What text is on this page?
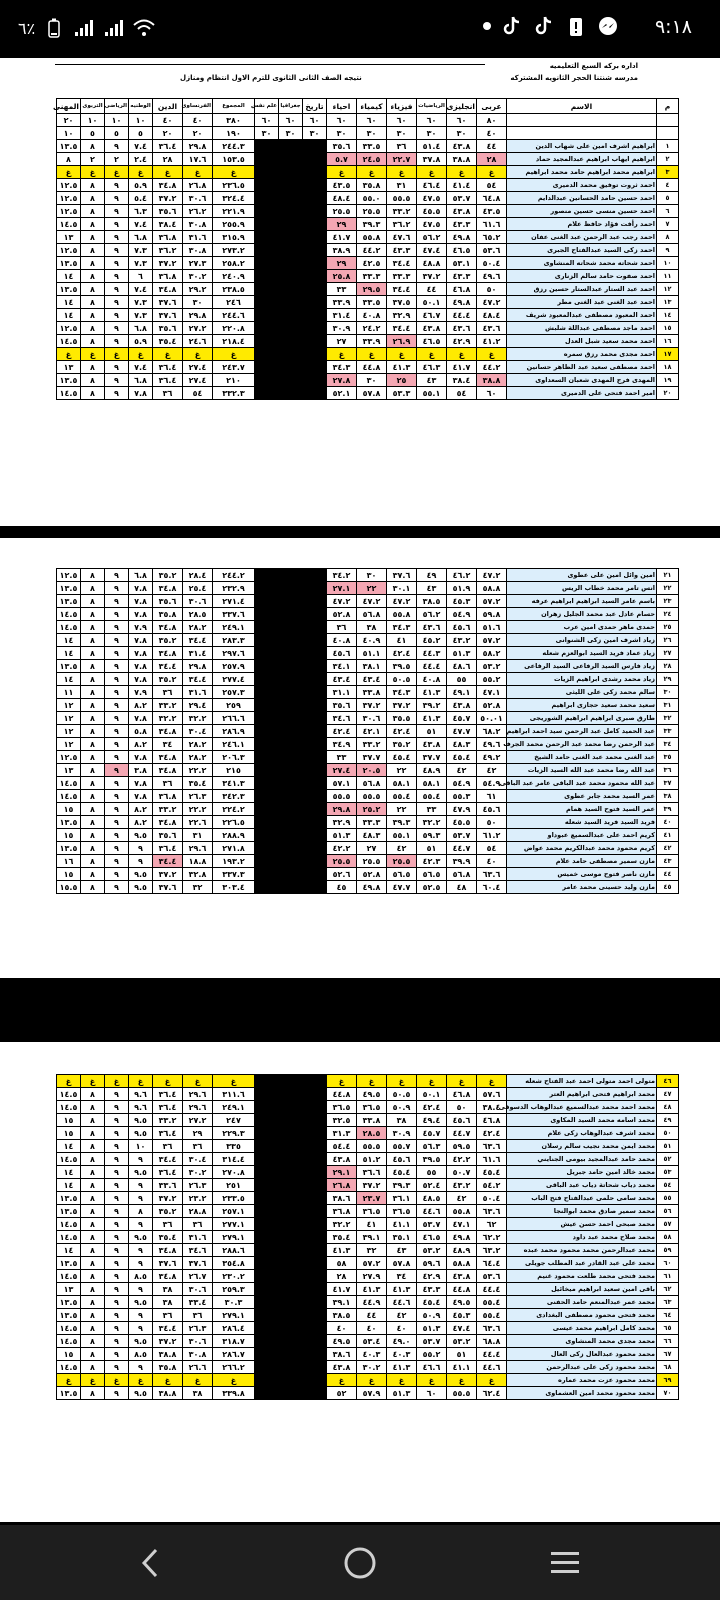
٦٪	٩:١٨
اداره بركه السبع التعليميه
مدرسه شنتنا الحجر الثانويه المشتركه
نتيجه الصف الثانى الثانوى للترم الاول انتظام ومنازل
م	الاسم	عربى	انجليزى	الرياضيات	فيزياء	كيمياء	احياء	تاريخ	جغرافيا	علم نفس	المجموع	الفرنساوى	الدين	الوطنيه	الرياضى	التربوى	المهنى
		٨٠	٦٠	٦٠	٦٠	٦٠	٦٠	٦٠	٦٠	٦٠	٣٨٠	٤٠	٤٠	١٠	١٠	١٠	٢٠
		٤٠	٣٠	٣٠	٣٠	٣٠	٣٠	٣٠	٣٠	٣٠	١٩٠	٢٠	٢٠	٥	٥	٥	١٠
١	ابراهيم اشرف امين على شهاب الدين	٤٤	٤٣.٨	٥١.٤	٣٦	٣٣.٥	٣٥.٦				٢٤٤.٣	٢٩.٨	٣٦.٤	٧.٤	٩	٨	١٣.٥
٢	ابراهيم ايهاب ابراهيم عبدالمجيد حماد	٢٨	٣٨.٨	٣٧.٨	٢٢.٧	٢٤.٥	٥.٧				١٥٣.٥	١٧.٦	٢٨	٢.٤	٢	٢	٨
٣	ابراهيم محمد ابراهيم حامد محمد ابراهيم	غ	غ	غ	غ	غ	غ				غ	غ	غ	غ	غ	غ	غ
٤	احمد ثروت توفيق محمد الدميرى	٥٤	٤١.٤	٤٦.٤	٣١	٣٥.٨	٤٣.٥				٢٣٦.٥	٢٦.٨	٣٤.٨	٥.٩	٩	٨	١٢.٥
٥	احمد حسين حامد الحسانين عبدالدايم	٦٤.٨	٥٣.٧	٤٧.٥	٥٥.٥	٥٥.٠	٤٨.٤				٣٢٤.٤	٣٠.٦	٣٧.٢	٥.٤	٩	٨	١٢.٥
٦	احمد حسين منسى حسين منصور	٤٣.٥	٤٣.٨	٤٥.٥	٣٣.٢	٢٥.٥	٢٥.٥				٢٢١.٩	٢٦.٢	٣٥.٦	٦.٣	٩	٨	١٢.٥
٧	احمد رأفت فؤاد حافظ علام	٦١.٦	٤٣.٣	٤٧.٥	٣٦.٢	٣٩.٣	٢٩				٢٥٥.٩	٣٠.٨	٣٨.٤	٧.٤	٩	٨	١٤.٥
٨	احمد رجب عبد الرحمن عبد الغنى عفان	٦٥.٢	٤٩.٨	٥٦.٢	٤٧.٦	٥٥.٨	٤١.٧				٣١٥.٩	٣١.٦	٣٦.٨	٦.٨	٩	٨	١٣
٩	احمد زكى السيد عبدالفتاح الجبرى	٥٣.٦	٤٦.٥	٤٧.٤	٤٣.٣	٤٤.٢	٣٨.٩				٢٧٣.٢	٣٠.٨	٣٦.٢	٧.٣	٩	٨	١٢.٥
١٠	احمد شحاته محمد شحاته المنشاوى	٥٠.٤	٥٣.١	٤٨.٨	٣٤.٤	٤٢.٥	٢٩				٢٥٨.٢	٢٧.٣	٣٧.٢	٧.٣	٩	٨	١٣.٥
١١	احمد صفوت حامد سالم الزنارى	٤٩.٦	٤٣.٣	٣٧.٢	٣٣.٣	٣٣.٣	٢٥.٨				٢٤٠.٩	٣٠.٢	٣٦.٨	٦	٩	٨	١٤
١٢	احمد عبد الستار عبدالستار حسين رزق	٥٠	٤٦.٨	٤٤	٣٤.٤	٢٩.٥	٣٣				٢٣٨.٥	٢٩.٢	٣٤.٨	٧.٤	٩	٨	١٣.٥
١٣	احمد عبد الغنى عبد الغنى مطر	٤٧.٢	٤٩.٨	٥٠.١	٣٧.٥	٣٣.٥	٣٣.٩				٢٤٦	٣٠	٣٧.٦	٧.٣	٩	٨	١٤
١٤	احمد المعبود مصطفى عبدالمعبود شريف	٤٨.٤	٤٤.٤	٤٦.٧	٣٢.٩	٤٠.٨	٣١.٤				٢٤٤.٦	٢٩.٨	٣٧.٦	٧.٣	٩	٨	١٤
١٥	احمد ماجد مصطفى عبداللة شلبش	٤٣.٦	٤٣.٦	٤٣.٨	٣٤.٤	٢٤.٢	٣٠.٩				٢٢٠.٨	٢٧.٢	٣٥.٦	٦.٨	٩	٨	١٢.٥
١٦	احمد محمد سعيد شبل العدل	٤١.٢	٤٢.٩	٤٦.٥	٢٦.٩	٣٣.٩	٢٧				٢١٨.٤	٢٤.٦	٣٥.٤	٥.٩	٩	٨	١٤.٥
١٧	احمد مجدى محمد رزق سمره	غ	غ	غ	غ	غ	غ				غ	غ	غ	غ	غ	غ	غ
١٨	احمد مصطفى سعيد عبد الظاهر حسانين	٤٤.٢	٤١.٧	٤٦.٣	٤١.٣	٤٤.٨	٣٤.٣				٢٤٣.٧	٢٧.٤	٣٦.٤	٧.٤	٩	٨	١٣
١٩	المهدى فرج المهدى شعبان السعداوى	٣٨.٨	٣٨.٤	٤٣	٢٥	٣٠	٢٧.٨				٢١٠	٢٧.٤	٣٦.٤	٦.٨	٩	٨	١٣.٥
٢٠	امير احمد فتحى على الدميرى	٦٠	٥٤	٥٥.١	٥٣.٣	٥٧.٨	٥٢.١				٣٣٢.٣	٥٤	٣٦	٧.٨	٩	٨	١٤.٥
٢١	امين وائل امين على عطوى	٤٧.٢	٤٦.٢	٤٩	٣٧.٦	٣٠	٣٤.٢				٢٤٤.٢	٢٨.٤	٣٥.٢	٦.٨	٩	٨	١٢.٥
٢٢	انس تامر محمد خطاب الريس	٥٨.٨	٥١.٩	٤٣	٣٠.١	٢٢	٢٧.١				٢٣٢.٩	٢٥.٤	٣٤.٨	٧.٨	٩	٨	١٣.٥
٢٣	باسم عامر السيد ابراهيم ابراهيم عرفه	٥٧.٢	٤٥.٣	٣٨.٥	٤٧.٢	٤٧.٢	٤٧.٢				٢٧١.٤	٣٠.٦	٣٥.٦	٧.٨	٩	٨	١٣.٥
٢٤	حسام عادل عبد محمد الجليل زهران	٥٩.٨	٥٤.٩	٥٦.٢	٥٥.٨	٥٦.٨	٥٢.٨				٣٣٧.٦	٢٨.٥	٣٥.٨	٧.٨	٩	٨	١٤.٥
٢٥	حمدى ماهر حمدى امين عرب	٥١.٦	٤٥.٦	٤٣.٦	٣٤.٣	٣٨	٣٦				٢٤٩.١	٢٨.٢	٣٤.٨	٧.٩	٩	٨	١٤.٥
٢٦	زياد اشرف امين زكى الشنوانى	٥٧.٢	٤٣.٢	٤٥.٢	٤١	٤٠.٩	٤٠.٨				٢٨٣.٣	٣٤.٤	٣٥.٢	٧.٨	٩	٨	١٤
٢٧	زياد عماد فريد السيد ابوالعزم شعله	٥٨.٢	٥١.٣	٤٤.٣	٤٢.٤	٥١.١	٤٥.٦				٢٩٧.٦	٣١.٤	٣٤.٨	٧.٨	٩	٨	١٤
٢٨	زياد فارس السيد الرفاعى السيد الرفاعى	٥٣.٢	٤٨.٦	٤٤.٤	٣٩.٥	٣٨.١	٣٤.١				٢٥٧.٩	٢٩.٨	٣٤.٤	٧.٨	٩	٨	١٣.٥
٢٩	زياد محمد رشدى ابراهيم الزيات	٥٥.٢	٥٥	٤٠.٨	٥٠.٥	٤٣.٤	٤٣.٤				٢٧٧.٤	٣٤.٤	٣٥.٢	٧.٨	٩	٨	١٤
٣٠	سالم محمد زكى على الليثى	٤٧.١	٤٩.١	٤١.٣	٣٤.٣	٣٣.٨	٣١.١				٢٥٧.٣	٣١.٦	٣٦	٧.٩	٩	٨	١١
٣١	سعيد محمد سعيد حجازى ابراهيم	٥٢.٨	٤٣.٨	٣٩.٢	٣٧.٢	٣٧.٢	٣٥.٦				٢٥٩	٢٩.٤	٣٣.٢	٨.٢	٩	٨	١٢
٣٢	طارق صبرى ابراهيم ابراهيم الشوريجى	٥٠.٠١	٤٥.٧	٤١.٣	٣٥.٥	٣٠.٦	٣٤.٦				٢٦٦.٦	٣٢.٢	٣٢.٢	٧.٨	٩	٨	١٢
٣٣	عبد الحميد كامل عبد الرحمن سيد احمد ابراهيم	٦٨.٢	٤٧.٧	٥١	٤٢.٤	٤٢.١	٤٢.٤				٢٨٦.٩	٣٠.٤	٣٤.٨	٥.٨	٩	٨	١٢
٣٤	عبد الرحمن رضا محمد عبد الرحمن محمد الجرف	٤٩.٦	٤٨.٣	٤٣.٨	٣٥.٢	٣٣.٢	٣٤.٩				٢٤٦.١	٢٨.٢	٣٤	٨.٢	٩	٨	١٢
٣٥	عبد الغنى محمد عبد الغنى حامد الشيخ	٤٩.٢	٤٥.٤	٣٧.٧	٤٥.٤	٣٧.٧	٣٣				٢٠٦.٣	٢٨.٢	٣٤.٨	٧.٨	٩	٨	١٢.٥
٣٦	عبد الله رضا محمد عبد الله السيد الزيات	٤٢	٤٢	٤٨.٩	٢٢	٢٠.٥	٢٧.٤				٢١٥	٢٢.٢	٣٤.٨	٣.٨	٩	٨	١٣
٣٧	عبد الله محمود محمد عبد الباقى عامر عبد الباقى	٥٤.٩	٥٤.٩	٥٨.١	٥٨.١	٥٦.٨	٥٧.١				٣٤١.٣	٣٥.٤	٣٦	٧.٨	٩	٨	١٤.٥
٣٨	عمر السيد محمد جابر عطوى	٦١	٥٥.٣	٥٥.٤	٥٥.٤	٥٥.٥	٥٥.٥				٣٤٢.٣	٢٦.٣	٣٦.٨	٧.٨	٩	٨	١٤.٥
٣٩	عمر السيد فتوح السيد همام	٤٥.٦	٤٧.٩	٣٣	٢٢	٢٥.٢	٢٩.٨				٢٢٤.٢	٢٢.٢	٣٣.٢	٨.٢	٩	٨	١٥
٤٠	فريد السيد فريد السيد شعله	٥٠	٤٥.٥	٣٢.٢	٣٩.٣	٣٣.٣	٣٢.٩				٢٢٦.٥	٢٢.٦	٣٤.٨	٨.٢	٩	٨	١٣.٥
٤١	كريم احمد على عبدالسميع عبوداو	٦١.٢	٥٣.٧	٥٩.٣	٥٥.١	٤٨.٣	٥١.٣				٢٨٨.٩	٣١	٣٥.٦	٩.٥	٩	٨	١٥
٤٢	كريم محمود محمد عبدالكريم محمد عواض	٥٤	٤٤.٧	٥١	٤٢	٢٧	٤٢.٢				٢٧١.٨	٢٩.٦	٣٦.٤	٩	٩	٨	١٣.٥
٤٣	مازن سمير مصطفى حامد علام	٤٠	٣٩.٩	٤٢.٣	٢٥.٥	٢٥.٥	٢٥.٥				١٩٣.٢	١٨.٨	٣٤.٤	٩	٩	٨	١٦
٤٤	مازن ناصر فتوح موسى خميس	٦٣.٦	٥٦.٨	٥٦.٥	٥٦.٥	٥٢.٨	٥٢.٦				٣٣٧.٣	٣٢.٨	٣٧.٢	٩.٥	٩	٨	١٥
٤٥	مازن وليد حسينى محمد عامر	٦٠.٤	٤٨	٥٢.٥	٤٧.٧	٤٩.٨	٤٥				٣٠٣.٤	٣٢	٣٧.٦	٩.٥	٩	٨	١٥.٥
٤٦	متولى احمد متولى احمد عبد الفتاح شعله	غ	غ	غ	غ	غ	غ				غ	غ	غ	غ	غ	غ	غ
٤٧	محمد ابراهيم فتحى ابراهيم العتر	٥٧.٦	٤٦.٨	٥٠.١	٥٠.٥	٤٩.٥	٤٤.٨				٣١١.٦	٢٩.٦	٣٦.٤	٩.٦	٩	٨	١٤.٥
٤٨	محمد احمد محمد عبدالسميع عبدالوهاب الدسوقى	٣٨.٤	٥٠	٤٢.٤	٥٠.٩	٣٦.٥	٣٦.٥				٢٤٩.١	٢٩.٦	٣٦.٤	٩.٦	٩	٨	١٤.٥
٤٩	محمد اسامه محمد السيد المكاوى	٤٦.٨	٤٥.٦	٤٩.٤	٣٨	٣٣.٨	٣٢.٥				٢٤٧	٢٧.٢	٣٣.٢	٩.٥	٩	٨	١٥
٥٠	محمد اشرف عبدالوهاب زكى علام	٤٢.٤	٤٤.٧	٤٥.٧	٣٠.٩	٢٨.٥	٣١.٣				٢٢٩.٣	٢٩	٣٦.٤	٩.٥	٩	٨	١٥
٥١	محمد ايمن محمد نجيب سالم رسلان	٦٣.٦	٥٩.٥	٥٦.٣	٥٥.٧	٥٥.٥	٥٤.٤				٣٣٥	٣٦	٣٦	١٠	٩	٨	١٤
٥٢	محمد حامد عبدالمجيد بيومى الجنايني	٦١.٦	٤٢.٢	٣٩.٥	٤٥.٦	٥١.٢	٤٣.٨				٣١٤.٤	٣٠.٤	٣٤.٤	٩	٩	٨	١٤.٥
٥٣	محمد خالد امين حامد جبريل	٤٥.٤	٥٠.٧	٥٥	٤٥.٤	٣٦.٦	٢٩.١				٢٧٠.٨	٣٠.٢	٣٦.٤	٩.٥	٩	٨	١٤
٥٤	محمد دياب شحاتة دياب عبد الباقى	٥٤.٢	٤٣.٢	٥٢.٤	٣٩.٣	٣٧.٢	٢٦.٨				٢٥١	٢٦.٣	٣٣.٦	٩	٩	٨	١٤
٥٥	محمد سامى حلمى عبدالفتاح فتح الباب	٥٠.٤	٤٢	٤٨.٥	٣٦.١	٢٣.٧	٣٨.٦				٢٣٣.٥	٢٣.٢	٣٧.٢	٩	٩	٨	١٣.٥
٥٦	محمد سمير صادق محمد ابوالنجا	٦٣.٦	٥٥.٨	٤٤.٦	٣٦.٥	٣٦.٥	٣٦.٨				٢٥٧.١	٢٨.٨	٣٥.٢	٨	٩	٨	١٣.٥
٥٧	محمد صبحى احمد حسن عيش	٦٢	٤٧.١	٥٣.٧	٤١.١	٤١	٣٢.٢				٢٧٧.١	٣٦	٣٦	٩	٩	٨	١٤.٥
٥٨	محمد صلاح محمد عبد داود	٦٢.٢	٤٩.٨	٤٦.٥	٣٥.١	٣٩.١	٣٥.٤				٢٧٩.١	٣١.٦	٣٥.٤	٩.٥	٩	٨	١٤.٥
٥٩	محمد عبدالرحمن محمد محمود محمد عبده	٦٣.٢	٤٨.٩	٥٣.٢	٤٣	٣٢	٤١.٣				٢٨٨.٦	٣٤.٦	٣٤.٨	٩	٩	٨	١٤
٦٠	محمد على عبد القادر عبد المطلب جويلى	٦٤.٤	٥٨.٨	٥٩.٦	٥٧.٨	٥٧.٢	٥٨				٣٥٤.٨	٣٧.٦	٣٧.٦	٩	٩	٨	١٣.٥
٦١	محمد فتحى محمد طلعت محمود غنيم	٥٣.٦	٤٣.٨	٤٢.٩	٣٤	٢٧.٩	٢٨				٢٣٠.٢	٢٦.٧	٣٤.٨	٨.٥	٩	٨	١٤.٥
٦٢	باقى امين سعيد ابراهيم ميخائيل	٤٤.٤	٤٤.٨	٤٣.٣	٤١.٣	٤١.٣	٤١.٧				٢٥٩.٣	٣٠.٦	٣٨	٩	٩	٨	١٣
٦٣	محمد عمر عبدالمنعم حامد الحفنى	٥٥.٤	٤٩.٥	٤٥.٤	٤٤.٦	٤٤.٩	٣٩.١				٣٠.٣	٣٣.٤	٣٨	٩.٥	٩	٨	١٣.٥
٦٤	محمد فتحى محمود مصطفى البغدادى	٥٥.٤	٤٥.٣	٥٠.٩	٤٢	٤٤	٣٨.٥				٢٧٩.١	٣٦	٣٦	٩	٩	٨	١٣.٥
٦٥	محمد كامل ابراهيم محمد عيسى	٦٣.٦	٤٧.٤	٥١.٣	٤٠	٤٠	٤٠				٢٨٦.٤	٢٦.٣	٣٤.٤	٩	٩	٨	١٤.٥
٦٦	محمد مجدى محمد المنشاوى	٦٨.٨	٥٣.٢	٥٣.٧	٤٩.٠	٥٣.٤	٤٩.٥				٣١٨.٧	٣٠.٦	٣٧.٢	٩.٥	٩	٨	١٤.٥
٦٧	محمد محمود عبدالعال زكى العال	٤٤.٤	٥١	٥٥.٢	٤٠.٣	٤٠.٣	٣٨.٦				٢٨٦.٧	٣٠.٨	٣٨.٨	٨.٥	٩	٨	١٥
٦٨	محمد محمود زكى على عبدالرحمن	٤٤.٦	٤١.١	٤٦.٦	٤١.٣	٣٠.٢	٤٣.٨				٢٦٦.٢	٢٦.٦	٣٥.٨	٩	٩	٨	١٤.٥
٦٩	محمد محمود عزت محمد عماره	غ	غ	غ	غ	غ	غ				غ	غ	غ	غ	غ	غ	غ
٧٠	محمد محمود محمد امين العشماوى	٦٢.٤	٥٥.٥	٦٠	٥١.٣	٥٧.٩	٥٢				٣٣٩.٨	٣٨	٣٨.٨	٩.٥	٩	٨	١٣.٥
